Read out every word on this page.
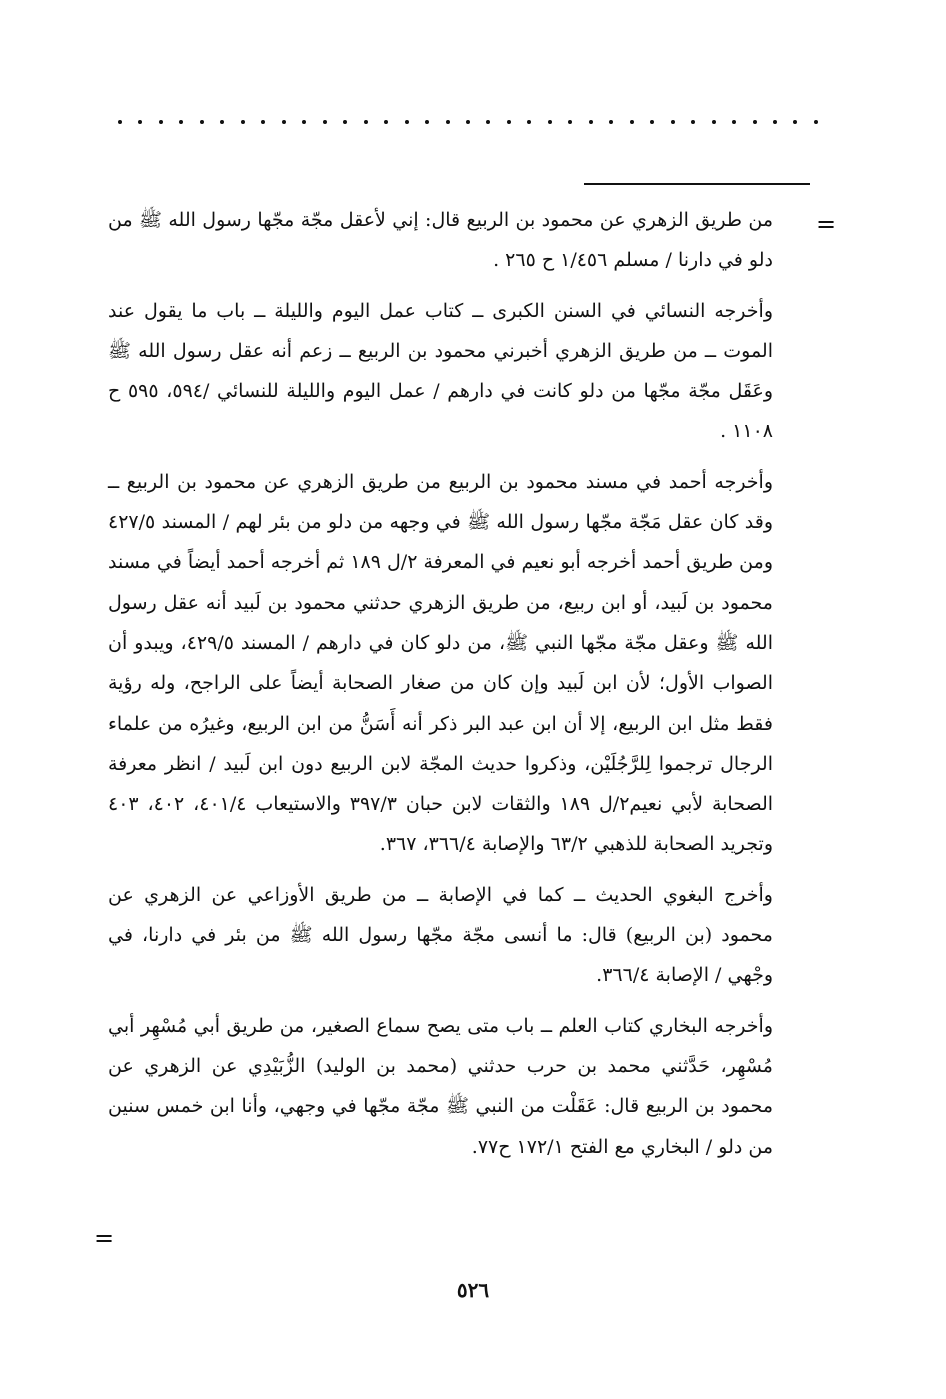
=

من طريق الزهري عن محمود بن الربيع قال: إني لأعقل مجّة مجّها رسول الله ﷺ من دلو في دارنا / مسلم ١/٤٥٦ ح ٢٦٥ .

وأخرجه النسائي في السنن الكبرى ــ كتاب عمل اليوم والليلة ــ باب ما يقول عند الموت ــ من طريق الزهري أخبرني محمود بن الربيع ــ زعم أنه عقل رسول الله ﷺ وعَقَل مجّة مجّها من دلو كانت في دارهم / عمل اليوم والليلة للنسائي /٥٩٤، ٥٩٥ ح ١١٠٨ .

وأخرجه أحمد في مسند محمود بن الربيع من طريق الزهري عن محمود بن الربيع ــ وقد كان عقل مَجّة مجّها رسول الله ﷺ في وجهه من دلو من بئر لهم / المسند ٤٢٧/٥ ومن طريق أحمد أخرجه أبو نعيم في المعرفة ٢/ل ١٨٩ ثم أخرجه أحمد أيضاً في مسند محمود بن لَبيد، أو ابن ربيع، من طريق الزهري حدثني محمود بن لَبيد أنه عقل رسول الله ﷺ وعقل مجّة مجّها النبي ﷺ، من دلو كان في دارهم / المسند ٤٢٩/٥، ويبدو أن الصواب الأول؛ لأن ابن لَبيد وإن كان من صغار الصحابة أيضاً على الراجح، وله رؤية فقط مثل ابن الربيع، إلا أن ابن عبد البر ذكر أنه أَسَنُّ من ابن الربيع، وغيرُه من علماء الرجال ترجموا لِلرَّجُلَيْن، وذكروا حديث المجّة لابن الربيع دون ابن لَبيد / انظر معرفة الصحابة لأبي نعيم٢/ل ١٨٩ والثقات لابن حبان ٣٩٧/٣ والاستيعاب ٤٠١/٤، ٤٠٢، ٤٠٣ وتجريد الصحابة للذهبي ٦٣/٢ والإصابة ٣٦٦/٤، ٣٦٧.

وأخرج البغوي الحديث ــ كما في الإصابة ــ من طريق الأوزاعي عن الزهري عن محمود (بن الربيع) قال: ما أنسى مجّة مجّها رسول الله ﷺ من بئر في دارنا، في وجْهي / الإصابة ٣٦٦/٤.

وأخرجه البخاري كتاب العلم ــ باب متى يصح سماع الصغير، من طريق أبي مُسْهِر أبي مُسْهِر، حَدَّثني محمد بن حرب حدثني (محمد بن الوليد) الزُّبَيْدِي عن الزهري عن محمود بن الربيع قال: عَقَلْت من النبي ﷺ مجّة مجّها في وجهي، وأنا ابن خمس سنين من دلو / البخاري مع الفتح ١٧٢/١ ح٧٧.

=
٥٢٦
